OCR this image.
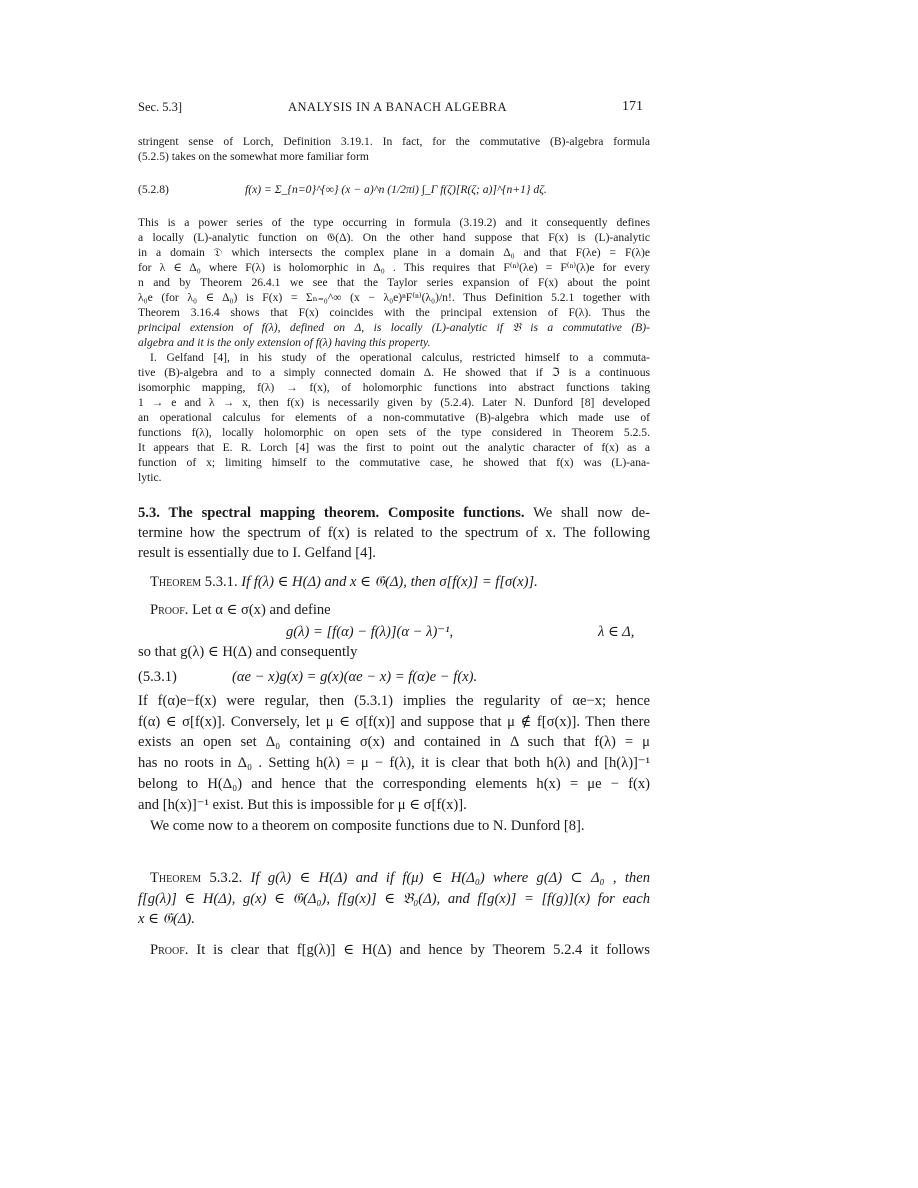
Sec. 5.3]	ANALYSIS IN A BANACH ALGEBRA	171
stringent sense of Lorch, Definition 3.19.1. In fact, for the commutative (B)-algebra formula
(5.2.5) takes on the somewhat more familiar form
(5.2.8)	f(x) = Σ_{n=0}^{∞} (x − a)^n (1/2πi) ∫_Γ f(ζ)[R(ζ; a)]^{n+1} dζ.
This is a power series of the type occurring in formula (3.19.2) and it consequently defines
a locally (L)-analytic function on 𝔊(Δ). On the other hand suppose that F(x) is (L)-analytic
in a domain 𝔇 which intersects the complex plane in a domain Δ₀ and that F(λe) = F(λ)e
for λ ∈ Δ₀ where F(λ) is holomorphic in Δ₀ . This requires that F⁽ⁿ⁾(λe) = F⁽ⁿ⁾(λ)e for every
n and by Theorem 26.4.1 we see that the Taylor series expansion of F(x) about the point
λ₀e (for λ₀ ∈ Δ₀) is F(x) = Σₙ₌₀^∞ (x − λ₀e)ⁿF⁽ⁿ⁾(λ₀)/n!. Thus Definition 5.2.1 together with
Theorem 3.16.4 shows that F(x) coincides with the principal extension of F(λ). Thus the
principal extension of f(λ), defined on Δ, is locally (L)-analytic if 𝔅 is a commutative (B)-
algebra and it is the only extension of f(λ) having this property.
I. Gelfand [4], in his study of the operational calculus, restricted himself to a commuta-
tive (B)-algebra and to a simply connected domain Δ. He showed that if ℑ is a continuous
isomorphic mapping, f(λ) → f(x), of holomorphic functions into abstract functions taking
1 → e and λ → x, then f(x) is necessarily given by (5.2.4). Later N. Dunford [8] developed
an operational calculus for elements of a non-commutative (B)-algebra which made use of
functions f(λ), locally holomorphic on open sets of the type considered in Theorem 5.2.5.
It appears that E. R. Lorch [4] was the first to point out the analytic character of f(x) as a
function of x; limiting himself to the commutative case, he showed that f(x) was (L)-ana-
lytic.
5.3. The spectral mapping theorem. Composite functions. We shall now de-
termine how the spectrum of f(x) is related to the spectrum of x. The following
result is essentially due to I. Gelfand [4].
Theorem 5.3.1. If f(λ) ∈ H(Δ) and x ∈ 𝔊(Δ), then σ[f(x)] = f[σ(x)].
Proof. Let α ∈ σ(x) and define
g(λ) = [f(α) − f(λ)](α − λ)⁻¹,	λ ∈ Δ,
so that g(λ) ∈ H(Δ) and consequently
(5.3.1)	(αe − x)g(x) = g(x)(αe − x) = f(α)e − f(x).
If f(α)e−f(x) were regular, then (5.3.1) implies the regularity of αe−x; hence
f(α) ∈ σ[f(x)]. Conversely, let μ ∈ σ[f(x)] and suppose that μ ∉ f[σ(x)]. Then there
exists an open set Δ₀ containing σ(x) and contained in Δ such that f(λ) = μ
has no roots in Δ₀ . Setting h(λ) = μ − f(λ), it is clear that both h(λ) and [h(λ)]⁻¹
belong to H(Δ₀) and hence that the corresponding elements h(x) = μe − f(x)
and [h(x)]⁻¹ exist. But this is impossible for μ ∈ σ[f(x)].
We come now to a theorem on composite functions due to N. Dunford [8].
Theorem 5.3.2. If g(λ) ∈ H(Δ) and if f(μ) ∈ H(Δ₀) where g(Δ) ⊂ Δ₀ , then
f[g(λ)] ∈ H(Δ), g(x) ∈ 𝔊(Δ₀), f[g(x)] ∈ 𝔅₀(Δ), and f[g(x)] = [f(g)](x) for each
x ∈ 𝔊(Δ).
Proof. It is clear that f[g(λ)] ∈ H(Δ) and hence by Theorem 5.2.4 it follows
